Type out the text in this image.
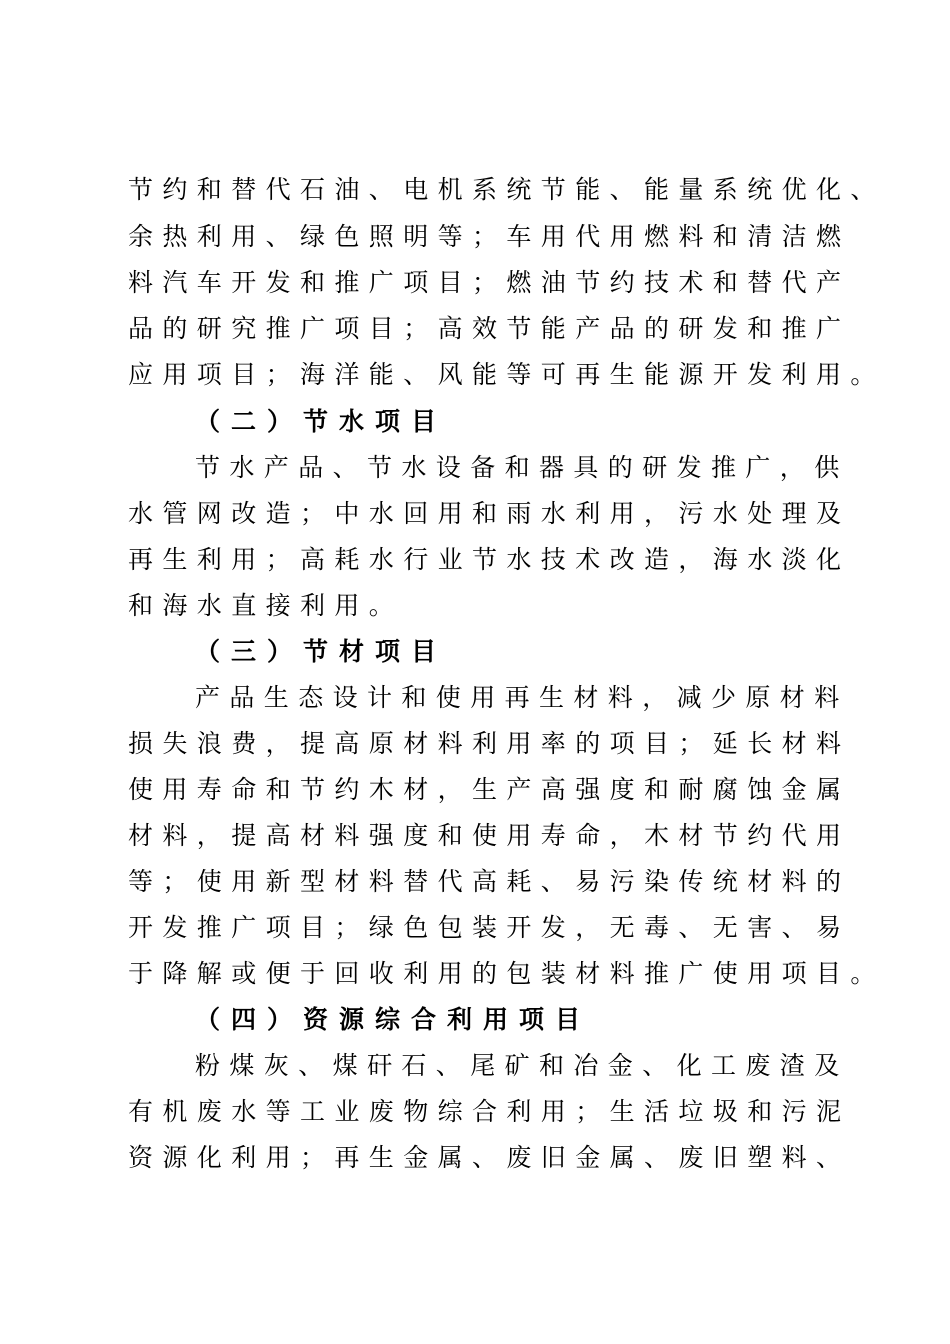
节约和替代石油、电机系统节能、能量系统优化、
余热利用、绿色照明等；车用代用燃料和清洁燃
料汽车开发和推广项目；燃油节约技术和替代产
品的研究推广项目；高效节能产品的研发和推广
应用项目；海洋能、风能等可再生能源开发利用。
（二）节水项目
节水产品、节水设备和器具的研发推广，供
水管网改造；中水回用和雨水利用，污水处理及
再生利用；高耗水行业节水技术改造，海水淡化
和海水直接利用。
（三）节材项目
产品生态设计和使用再生材料，减少原材料
损失浪费，提高原材料利用率的项目；延长材料
使用寿命和节约木材，生产高强度和耐腐蚀金属
材料，提高材料强度和使用寿命，木材节约代用
等；使用新型材料替代高耗、易污染传统材料的
开发推广项目；绿色包装开发，无毒、无害、易
于降解或便于回收利用的包装材料推广使用项目。
（四）资源综合利用项目
粉煤灰、煤矸石、尾矿和冶金、化工废渣及
有机废水等工业废物综合利用；生活垃圾和污泥
资源化利用；再生金属、废旧金属、废旧塑料、
